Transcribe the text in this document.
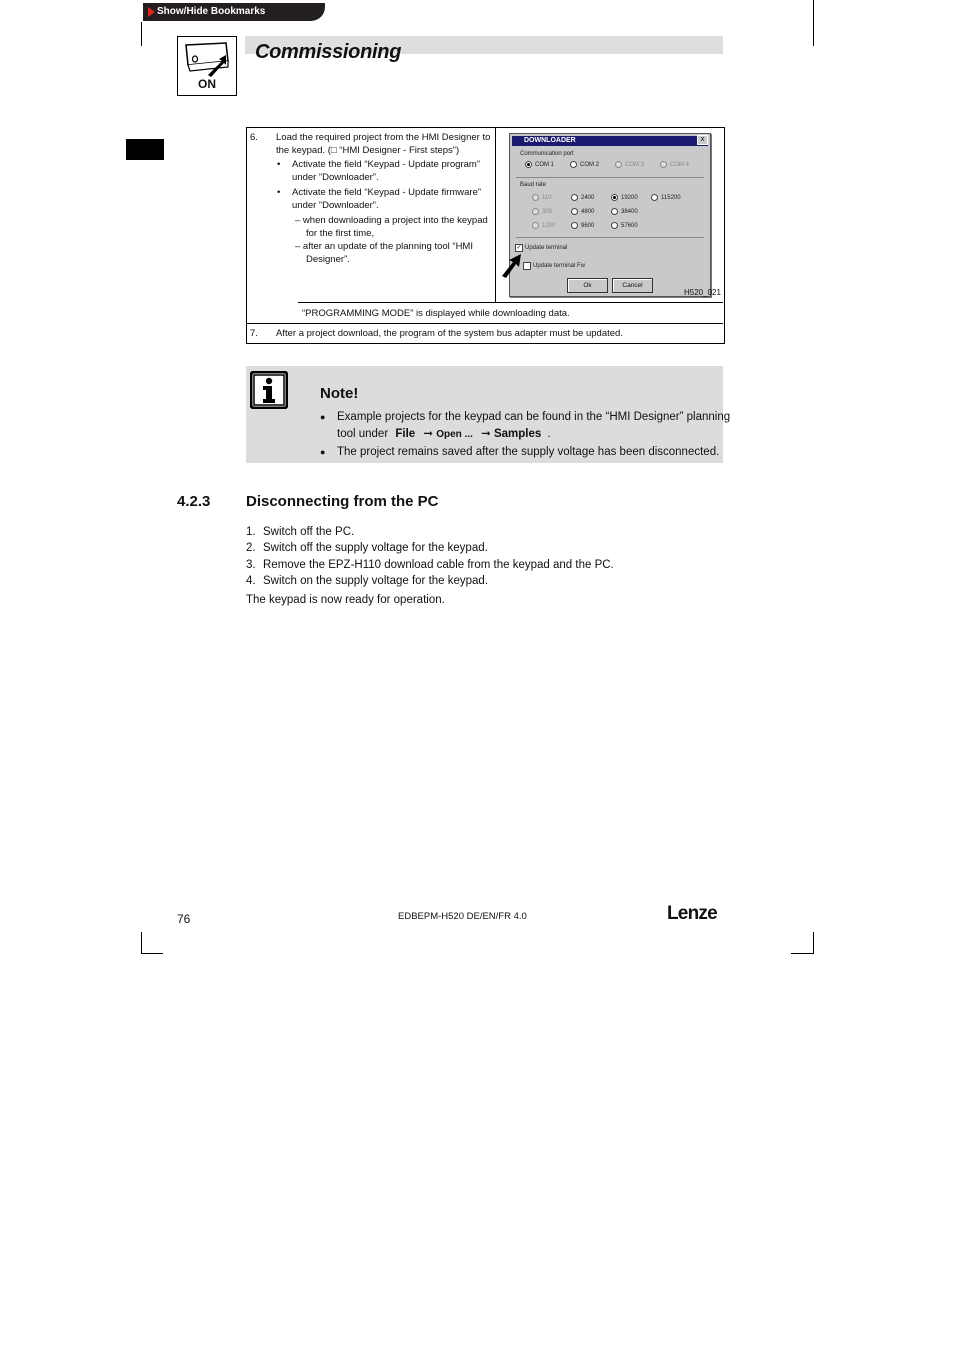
Show/Hide Bookmarks
ON
Commissioning
6. Load the required project from the HMI Designer to
the keypad. (□ “HMI Designer - First steps”)
• Activate the field “Keypad - Update program”
under ”Downloader”.
• Activate the field “Keypad - Update firmware”
under ”Downloader”.
– when downloading a project into the keypad
for the first time,
– after an update of the planning tool “HMI
Designer”.
“PROGRAMMING MODE” is displayed while downloading data.
7. After a project download, the program of the system bus adapter must be updated.
DOWNLOADER	x
Communication port
COM 1	COM 2	COM 3	COM 4
Baud rate
110
300
1200
2400
4800
9600
19200
38400
57600
115200
✓ Update terminal
Update terminal Fw
Ok	Cancel
H520_021
Note!
● Example projects for the keypad can be found in the “HMI Designer” planning
tool under File ➞ Open ... ➞ Samples .
● The project remains saved after the supply voltage has been disconnected.
4.2.3 Disconnecting from the PC
1. Switch off the PC.
2. Switch off the supply voltage for the keypad.
3. Remove the EPZ-H110 download cable from the keypad and the PC.
4. Switch on the supply voltage for the keypad.
The keypad is now ready for operation.
76	EDBEPM-H520 DE/EN/FR 4.0	Lenze
